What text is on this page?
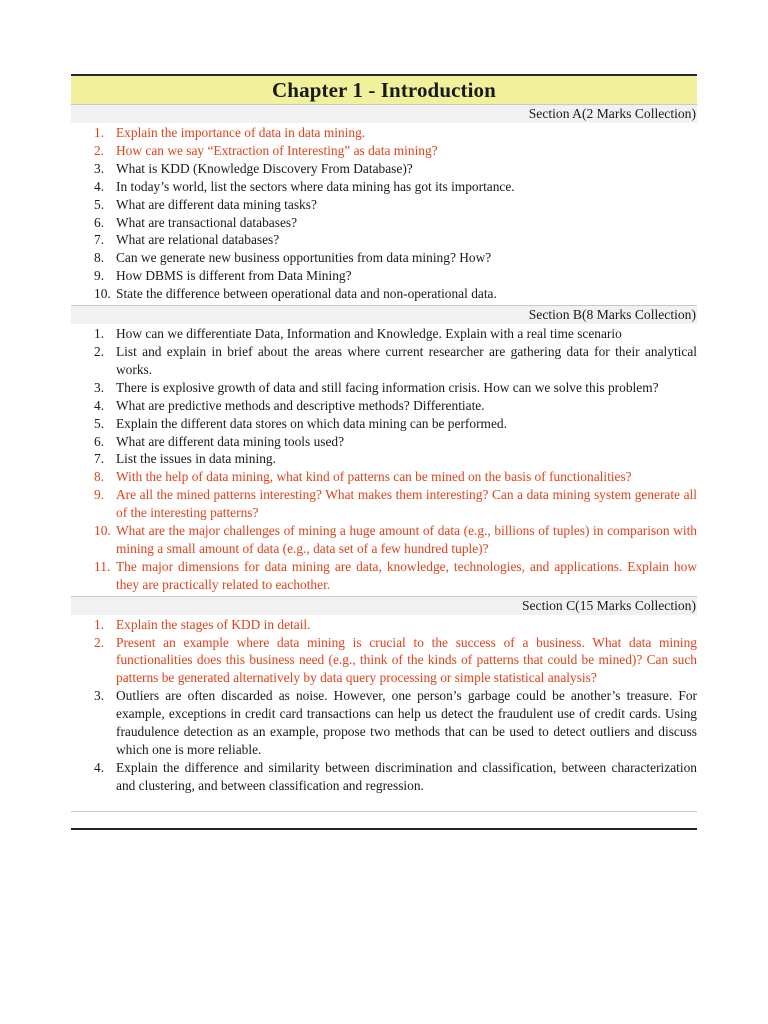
Chapter 1 - Introduction
Section A(2 Marks Collection)
1. Explain the importance of data in data mining.
2. How can we say “Extraction of Interesting” as data mining?
3. What is KDD (Knowledge Discovery From Database)?
4. In today’s world, list the sectors where data mining has got its importance.
5. What are different data mining tasks?
6. What are transactional databases?
7. What are relational databases?
8. Can we generate new business opportunities from data mining? How?
9. How DBMS is different from Data Mining?
10. State the difference between operational data and non-operational data.
Section B(8 Marks Collection)
1. How can we differentiate Data, Information and Knowledge. Explain with a real time scenario
2. List and explain in brief about the areas where current researcher are gathering data for their analytical works.
3. There is explosive growth of data and still facing information crisis. How can we solve this problem?
4. What are predictive methods and descriptive methods? Differentiate.
5. Explain the different data stores on which data mining can be performed.
6. What are different data mining tools used?
7. List the issues in data mining.
8. With the help of data mining, what kind of patterns can be mined on the basis of functionalities?
9. Are all the mined patterns interesting? What makes them interesting? Can a data mining system generate all of the interesting patterns?
10. What are the major challenges of mining a huge amount of data (e.g., billions of tuples) in comparison with mining a small amount of data (e.g., data set of a few hundred tuple)?
11. The major dimensions for data mining are data, knowledge, technologies, and applications. Explain how they are practically related to eachother.
Section C(15 Marks Collection)
1. Explain the stages of KDD in detail.
2. Present an example where data mining is crucial to the success of a business. What data mining functionalities does this business need (e.g., think of the kinds of patterns that could be mined)? Can such patterns be generated alternatively by data query processing or simple statistical analysis?
3. Outliers are often discarded as noise. However, one person’s garbage could be another’s treasure. For example, exceptions in credit card transactions can help us detect the fraudulent use of credit cards. Using fraudulence detection as an example, propose two methods that can be used to detect outliers and discuss which one is more reliable.
4. Explain the difference and similarity between discrimination and classification, between characterization and clustering, and between classification and regression.
